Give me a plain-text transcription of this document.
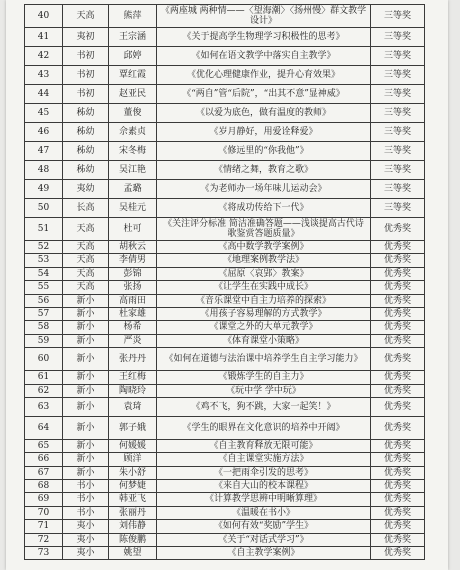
40	天高	熊萍	《两座城 两种情——〈望海潮〉〈扬州慢〉群文教学设计》	三等奖
41	夷初	王宗涵	《关于提高学生物理学习积极性的思考》	三等奖
42	书初	邱婷	《如何在语文教学中落实自主教学》	三等奖
43	书初	覃红霞	《优化心理健康作业，提升心育效果》	三等奖
44	书初	赵亚民	《“两自”管“后院”，“出其不意”显神威》	三等奖
45	秭幼	董俊	《以爱为底色，做有温度的教师》	三等奖
46	秭幼	佘素贞	《岁月静好，用爱诠释爱》	三等奖
47	秭幼	宋冬梅	《修远里的“你我他”》	三等奖
48	秭幼	吴江艳	《情绪之舞，教育之歌》	三等奖
49	夷幼	孟璐	《为老师办一场年味儿运动会》	三等奖
50	长高	吴桂元	《将成功传给下一代》	三等奖
51	天高	杜可	《关注评分标准 简洁准确答题——浅谈提高古代诗歌鉴赏答题质量》	优秀奖
52	天高	胡秋云	《高中数学教学案例》	优秀奖
53	天高	李倩男	《地理案例教学法》	优秀奖
54	天高	彭锦	《屈原〈哀郢〉教案》	优秀奖
55	天高	张扬	《让学生在实践中成长》	优秀奖
56	新小	高雨田	《音乐课堂中自主力培养的探索》	优秀奖
57	新小	杜家雄	《用孩子容易理解的方式教学》	优秀奖
58	新小	杨希	《课堂之外的大单元教学》	优秀奖
59	新小	严炎	《体育课堂小策略》	优秀奖
60	新小	张丹丹	《如何在道德与法治课中培养学生自主学习能力》	优秀奖
61	新小	王红梅	《锻炼学生的自主力》	优秀奖
62	新小	陶晓玲	《玩中学 学中玩》	优秀奖
63	新小	袁琦	《鸡不飞，狗不跳，大家一起笑！》	优秀奖
64	新小	郭子娥	《学生的眼界在文化意识的培养中开阔》	优秀奖
65	新小	何媛媛	《自主教育释放无限可能》	优秀奖
66	新小	顾洋	《自主课堂实施方法》	优秀奖
67	新小	朱小舒	《一把雨伞引发的思考》	优秀奖
68	书小	何梦婕	《来自大山的校本课程》	优秀奖
69	书小	韩亚飞	《计算教学思辨中明晰算理》	优秀奖
70	书小	张丽丹	《温暖在书小》	优秀奖
71	夷小	刘伟静	《如何有效“奖励”学生》	优秀奖
72	夷小	陈俊鹏	《关于“对话式学习”》	优秀奖
73	夷小	姚望	《自主教学案例》	优秀奖
